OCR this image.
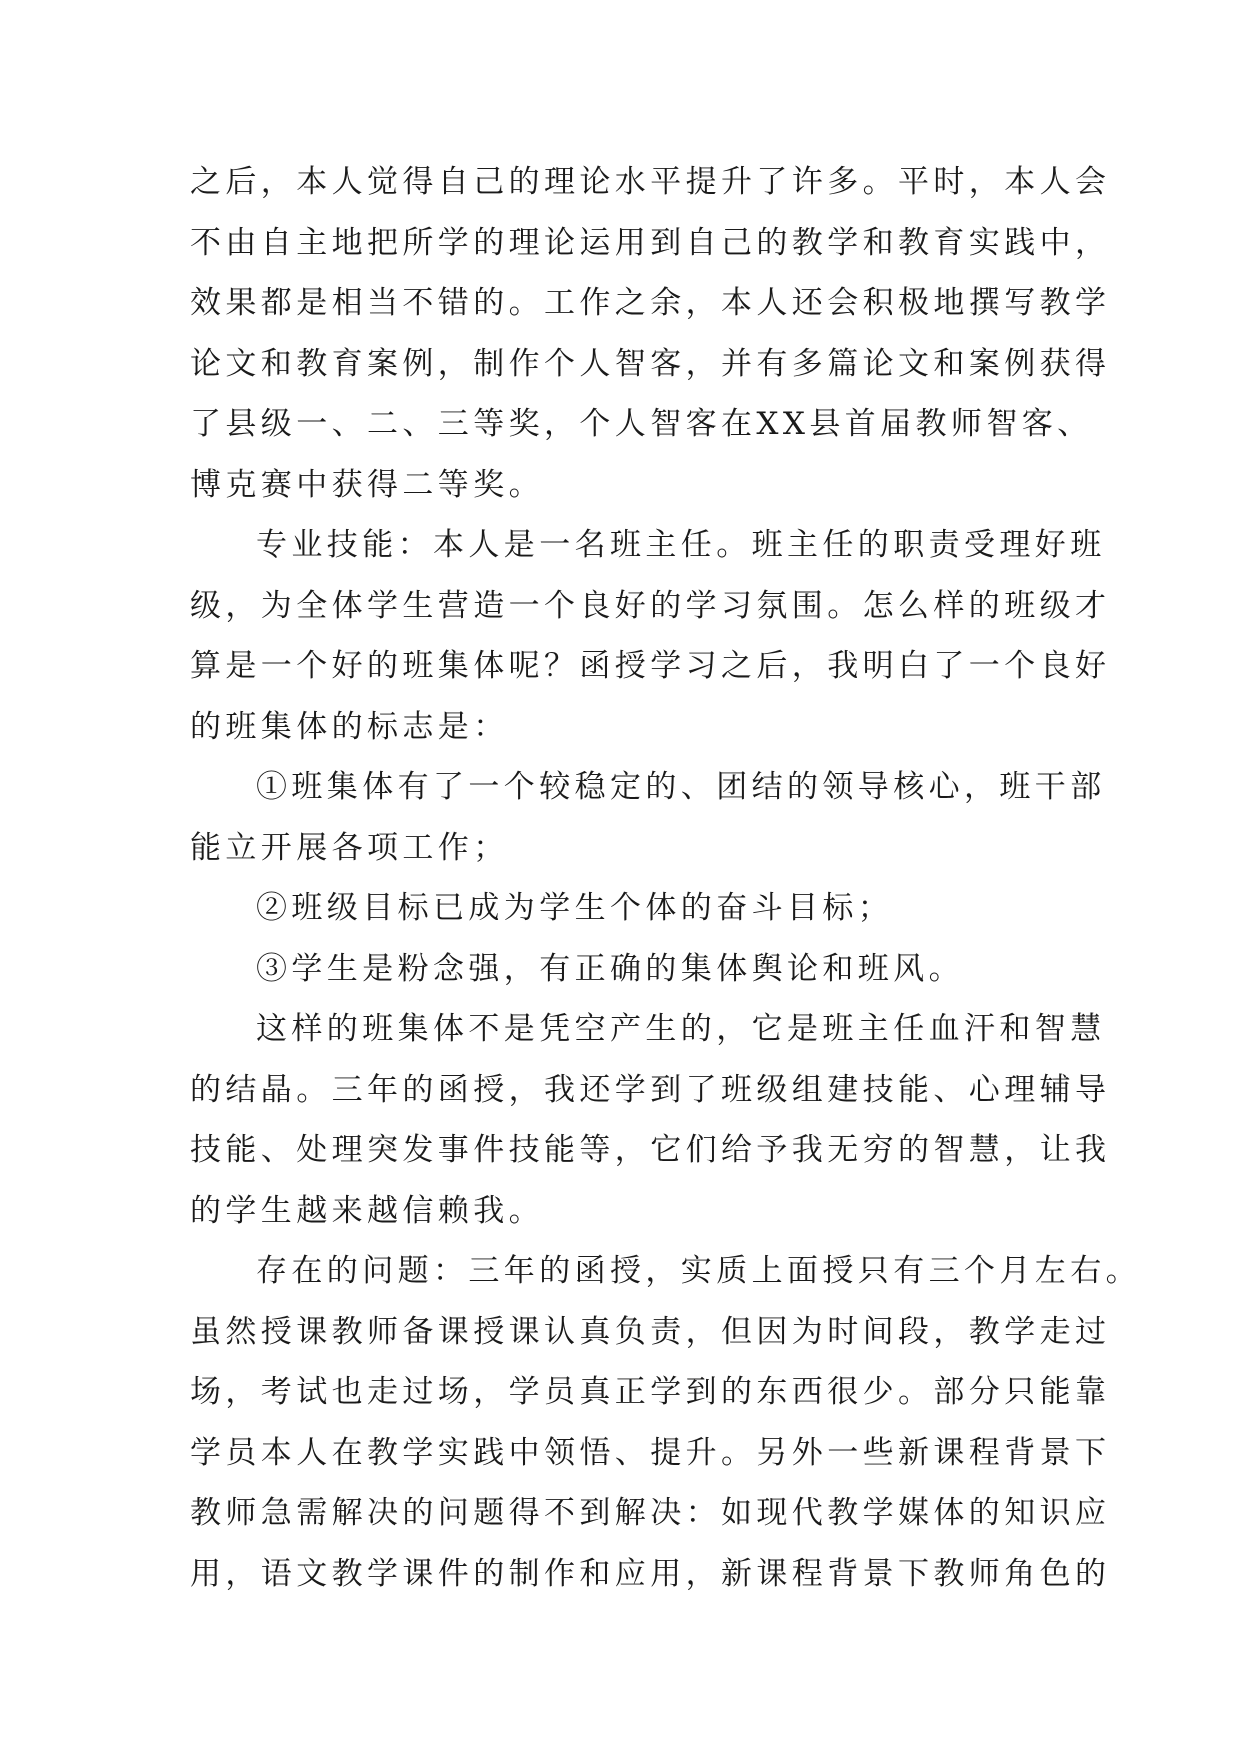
之后，本人觉得自己的理论水平提升了许多。平时，本人会
不由自主地把所学的理论运用到自己的教学和教育实践中，
效果都是相当不错的。工作之余，本人还会积极地撰写教学
论文和教育案例，制作个人智客，并有多篇论文和案例获得
了县级一、二、三等奖，个人智客在XX县首届教师智客、
博克赛中获得二等奖。
专业技能：本人是一名班主任。班主任的职责受理好班
级，为全体学生营造一个良好的学习氛围。怎么样的班级才
算是一个好的班集体呢？函授学习之后，我明白了一个良好
的班集体的标志是：
①班集体有了一个较稳定的、团结的领导核心，班干部
能立开展各项工作；
②班级目标已成为学生个体的奋斗目标；
③学生是粉念强，有正确的集体舆论和班风。
这样的班集体不是凭空产生的，它是班主任血汗和智慧
的结晶。三年的函授，我还学到了班级组建技能、心理辅导
技能、处理突发事件技能等，它们给予我无穷的智慧，让我
的学生越来越信赖我。
存在的问题：三年的函授，实质上面授只有三个月左右。
虽然授课教师备课授课认真负责，但因为时间段，教学走过
场，考试也走过场，学员真正学到的东西很少。部分只能靠
学员本人在教学实践中领悟、提升。另外一些新课程背景下
教师急需解决的问题得不到解决：如现代教学媒体的知识应
用，语文教学课件的制作和应用，新课程背景下教师角色的
